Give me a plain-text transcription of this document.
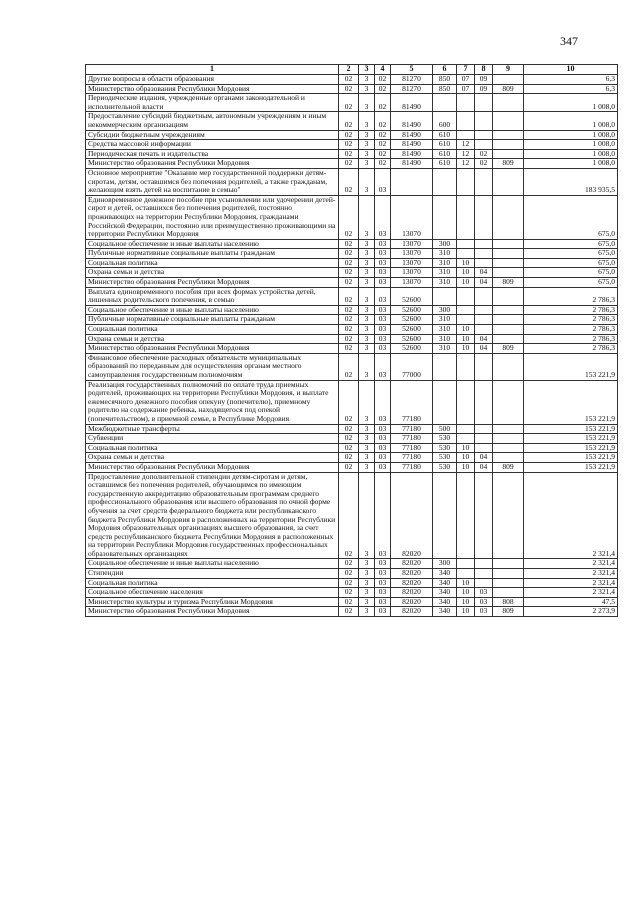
347
1	2	3	4	5	6	7	8	9	10
Другие вопросы в области образования	02	3	02	81270	850	07	09		6,3
Министерство образования Республики Мордовия	02	3	02	81270	850	07	09	809	6,3
Периодические издания, учрежденные органами законодательной и исполнительной власти	02	3	02	81490					1 008,0
Предоставление субсидий бюджетным, автономным учреждениям и иным некоммерческим организациям	02	3	02	81490	600				1 008,0
Субсидии бюджетным учреждениям	02	3	02	81490	610				1 008,0
Средства массовой информации	02	3	02	81490	610	12			1 008,0
Периодическая печать и издательства	02	3	02	81490	610	12	02		1 008,0
Министерство образования Республики Мордовия	02	3	02	81490	610	12	02	809	1 008,0
Основное мероприятие "Оказание мер государственной поддержки детям-сиротам, детям, оставшимся без попечения родителей, а также гражданам, желающим взять детей на воспитание в семью"	02	3	03						183 935,5
Единовременное денежное пособие при усыновлении или удочерении детей-сирот и детей, оставшихся без попечения родителей, постоянно проживающих на территории Республики Мордовия, гражданами Российской Федерации, постоянно или преимущественно проживающими на территории Республики Мордовия	02	3	03	13070					675,0
Социальное обеспечение и иные выплаты населению	02	3	03	13070	300				675,0
Публичные нормативные социальные выплаты гражданам	02	3	03	13070	310				675,0
Социальная политика	02	3	03	13070	310	10			675,0
Охрана семьи и детства	02	3	03	13070	310	10	04		675,0
Министерство образования Республики Мордовия	02	3	03	13070	310	10	04	809	675,0
Выплата единовременного пособия при всех формах устройства детей, лишенных родительского попечения, в семью	02	3	03	52600					2 786,3
Социальное обеспечение и иные выплаты населению	02	3	03	52600	300				2 786,3
Публичные нормативные социальные выплаты гражданам	02	3	03	52600	310				2 786,3
Социальная политика	02	3	03	52600	310	10			2 786,3
Охрана семьи и детства	02	3	03	52600	310	10	04		2 786,3
Министерство образования Республики Мордовия	02	3	03	52600	310	10	04	809	2 786,3
Финансовое обеспечение расходных обязательств муниципальных образований по переданным для осуществления органам местного самоуправления государственным полномочиям	02	3	03	77000					153 221,9
Реализация государственных полномочий по оплате труда приемных родителей, проживающих на территории Республики Мордовия, и выплате ежемесячного денежного пособия опекуну (попечителю), приемному родителю на содержание ребенка, находящегося под опекой (попечительством), в приемной семье, в Республике Мордовия	02	3	03	77180					153 221,9
Межбюджетные трансферты	02	3	03	77180	500				153 221,9
Субвенции	02	3	03	77180	530				153 221,9
Социальная политика	02	3	03	77180	530	10			153 221,9
Охрана семьи и детства	02	3	03	77180	530	10	04		153 221,9
Министерство образования Республики Мордовия	02	3	03	77180	530	10	04	809	153 221,9
Предоставление дополнительной стипендии детям-сиротам и детям, оставшимся без попечения родителей, обучающимся по имеющим государственную аккредитацию образовательным программам среднего профессионального образования или высшего образования по очной форме обучения за счет средств федерального бюджета или республиканского бюджета Республики Мордовия в расположенных на территории Республики Мордовия образовательных организациях высшего образования, за счет средств республиканского бюджета Республики Мордовия в расположенных на территории Республики Мордовия государственных профессиональных образовательных организациях	02	3	03	82020					2 321,4
Социальное обеспечение и иные выплаты населению	02	3	03	82020	300				2 321,4
Стипендии	02	3	03	82020	340				2 321,4
Социальная политика	02	3	03	82020	340	10			2 321,4
Социальное обеспечение населения	02	3	03	82020	340	10	03		2 321,4
Министерство культуры и туризма Республики Мордовия	02	3	03	82020	340	10	03	808	47,5
Министерство образования Республики Мордовия	02	3	03	82020	340	10	03	809	2 273,9
